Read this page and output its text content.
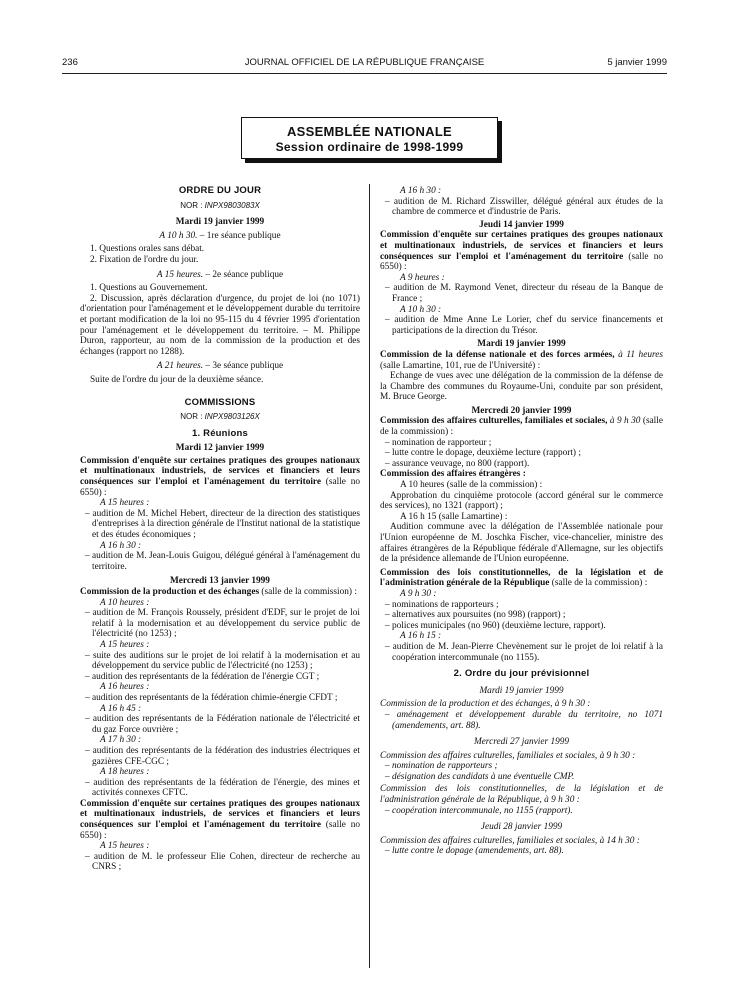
236	JOURNAL OFFICIEL DE LA RÉPUBLIQUE FRANÇAISE	5 janvier 1999
ASSEMBLÉE NATIONALE
Session ordinaire de 1998-1999
ORDRE DU JOUR
NOR : INPX9803083X
Mardi 19 janvier 1999
A 10 h 30. – 1re séance publique

1. Questions orales sans débat.

2. Fixation de l'ordre du jour.

A 15 heures. – 2e séance publique

1. Questions au Gouvernement.

2. Discussion, après déclaration d'urgence, du projet de loi (no 1071) d'orientation pour l'aménagement et le développement durable du territoire et portant modification de la loi no 95-115 du 4 février 1995 d'orientation pour l'aménagement et le développement du territoire. – M. Philippe Duron, rapporteur, au nom de la commission de la production et des échanges (rapport no 1288).

A 21 heures. – 3e séance publique

Suite de l'ordre du jour de la deuxième séance.

COMMISSIONS
NOR : INPX9803126X
1. Réunions
Mardi 12 janvier 1999

Commission d'enquête sur certaines pratiques des groupes nationaux et multinationaux industriels, de services et financiers et leurs conséquences sur l'emploi et l'aménagement du territoire (salle no 6550) :

A 15 heures :

– audition de M. Michel Hebert, directeur de la direction des statistiques d'entreprises à la direction générale de l'Institut national de la statistique et des études économiques ;

A 16 h 30 :

– audition de M. Jean-Louis Guigou, délégué général à l'aménagement du territoire.

Mercredi 13 janvier 1999

Commission de la production et des échanges (salle de la commission) :

A 10 heures :

– audition de M. François Roussely, président d'EDF, sur le projet de loi relatif à la modernisation et au développement du service public de l'électricité (no 1253) ;

A 15 heures :

– suite des auditions sur le projet de loi relatif à la modernisation et au développement du service public de l'électricité (no 1253) ;

– audition des représentants de la fédération de l'énergie CGT ;

A 16 heures :

– audition des représentants de la fédération chimie-énergie CFDT ;

A 16 h 45 :

– audition des représentants de la Fédération nationale de l'électricité et du gaz Force ouvrière ;

A 17 h 30 :

– audition des représentants de la fédération des industries électriques et gazières CFE-CGC ;

A 18 heures :

– audition des représentants de la fédération de l'énergie, des mines et activités connexes CFTC.

Commission d'enquête sur certaines pratiques des groupes nationaux et multinationaux industriels, de services et financiers et leurs conséquences sur l'emploi et l'aménagement du territoire (salle no 6550) :

A 15 heures :

– audition de M. le professeur Elie Cohen, directeur de recherche au CNRS ;

A 16 h 30 :

– audition de M. Richard Zisswiller, délégué général aux études de la chambre de commerce et d'industrie de Paris.

Jeudi 14 janvier 1999

Commission d'enquête sur certaines pratiques des groupes nationaux et multinationaux industriels, de services et financiers et leurs conséquences sur l'emploi et l'aménagement du territoire (salle no 6550) :

A 9 heures :

– audition de M. Raymond Venet, directeur du réseau de la Banque de France ;

A 10 h 30 :

– audition de Mme Anne Le Lorier, chef du service financements et participations de la direction du Trésor.

Mardi 19 janvier 1999

Commission de la défense nationale et des forces armées, à 11 heures (salle Lamartine, 101, rue de l'Université) :

Echange de vues avec une délégation de la commission de la défense de la Chambre des communes du Royaume-Uni, conduite par son président, M. Bruce George.

Mercredi 20 janvier 1999

Commission des affaires culturelles, familiales et sociales, à 9 h 30 (salle de la commission) :

– nomination de rapporteur ;

– lutte contre le dopage, deuxième lecture (rapport) ;

– assurance veuvage, no 800 (rapport).

Commission des affaires étrangères :

A 10 heures (salle de la commission) :

Approbation du cinquième protocole (accord général sur le commerce des services), no 1321 (rapport) ;

A 16 h 15 (salle Lamartine) :

Audition commune avec la délégation de l'Assemblée nationale pour l'Union européenne de M. Joschka Fischer, vice-chancelier, ministre des affaires étrangères de la République fédérale d'Allemagne, sur les objectifs de la présidence allemande de l'Union européenne.

Commission des lois constitutionnelles, de la législation et de l'administration générale de la République (salle de la commission) :

A 9 h 30 :

– nominations de rapporteurs ;

– alternatives aux poursuites (no 998) (rapport) ;

– polices municipales (no 960) (deuxième lecture, rapport).

A 16 h 15 :

– audition de M. Jean-Pierre Chevènement sur le projet de loi relatif à la coopération intercommunale (no 1155).

2. Ordre du jour prévisionnel
Mardi 19 janvier 1999

Commission de la production et des échanges, à 9 h 30 :

– aménagement et développement durable du territoire, no 1071 (amendements, art. 88).

Mercredi 27 janvier 1999

Commission des affaires culturelles, familiales et sociales, à 9 h 30 :

– nomination de rapporteurs ;

– désignation des candidats à une éventuelle CMP.

Commission des lois constitutionnelles, de la législation et de l'administration générale de la République, à 9 h 30 :

– coopération intercommunale, no 1155 (rapport).

Jeudi 28 janvier 1999

Commission des affaires culturelles, familiales et sociales, à 14 h 30 :

– lutte contre le dopage (amendements, art. 88).
